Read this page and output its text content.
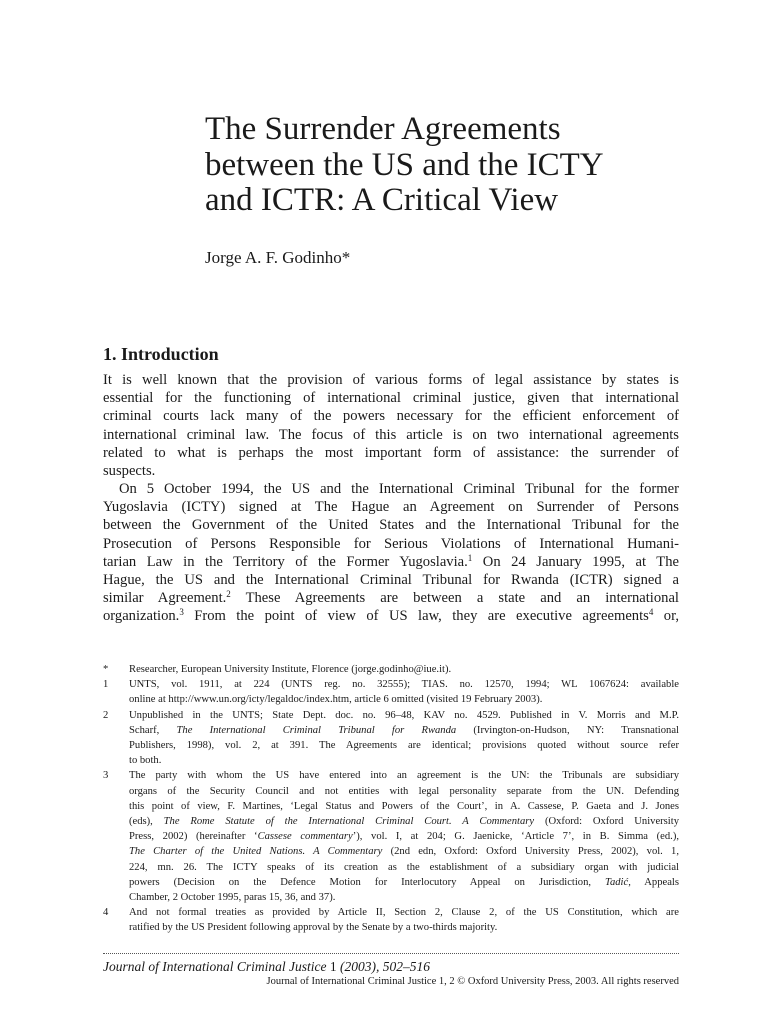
The Surrender Agreements
between the US and the ICTY
and ICTR: A Critical View
Jorge A. F. Godinho*
1. Introduction
It is well known that the provision of various forms of legal assistance by states is
essential for the functioning of international criminal justice, given that international
criminal courts lack many of the powers necessary for the efficient enforcement of
international criminal law. The focus of this article is on two international agreements
related to what is perhaps the most important form of assistance: the surrender of
suspects.
On 5 October 1994, the US and the International Criminal Tribunal for the former
Yugoslavia (ICTY) signed at The Hague an Agreement on Surrender of Persons
between the Government of the United States and the International Tribunal for the
Prosecution of Persons Responsible for Serious Violations of International Humani-
tarian Law in the Territory of the Former Yugoslavia.$^1$ On 24 January 1995, at The
Hague, the US and the International Criminal Tribunal for Rwanda (ICTR) signed a
similar Agreement.$^2$ These Agreements are between a state and an international
organization.$^3$ From the point of view of US law, they are executive agreements$^4$ or,
*	Researcher, European University Institute, Florence (jorge.godinho@iue.it).
1	UNTS, vol. 1911, at 224 (UNTS reg. no. 32555); TIAS. no. 12570, 1994; WL 1067624: available
online at http://www.un.org/icty/legaldoc/index.htm, article 6 omitted (visited 19 February 2003).
2	Unpublished in the UNTS; State Dept. doc. no. 96–48, KAV no. 4529. Published in V. Morris and M.P.
Scharf, The International Criminal Tribunal for Rwanda (Irvington-on-Hudson, NY: Transnational
Publishers, 1998), vol. 2, at 391. The Agreements are identical; provisions quoted without source refer
to both.
3	The party with whom the US have entered into an agreement is the UN: the Tribunals are subsidiary
organs of the Security Council and not entities with legal personality separate from the UN. Defending
this point of view, F. Martines, ‘Legal Status and Powers of the Court’, in A. Cassese, P. Gaeta and J. Jones
(eds), The Rome Statute of the International Criminal Court. A Commentary (Oxford: Oxford University
Press, 2002) (hereinafter ‘Cassese commentary’), vol. I, at 204; G. Jaenicke, ‘Article 7’, in B. Simma (ed.),
The Charter of the United Nations. A Commentary (2nd edn, Oxford: Oxford University Press, 2002), vol. 1,
224, mn. 26. The ICTY speaks of its creation as the establishment of a subsidiary organ with judicial
powers (Decision on the Defence Motion for Interlocutory Appeal on Jurisdiction, Tadić, Appeals
Chamber, 2 October 1995, paras 15, 36, and 37).
4	And not formal treaties as provided by Article II, Section 2, Clause 2, of the US Constitution, which are
ratified by the US President following approval by the Senate by a two-thirds majority.
Journal of International Criminal Justice 1 (2003), 502–516
Journal of International Criminal Justice 1, 2 © Oxford University Press, 2003. All rights reserved
